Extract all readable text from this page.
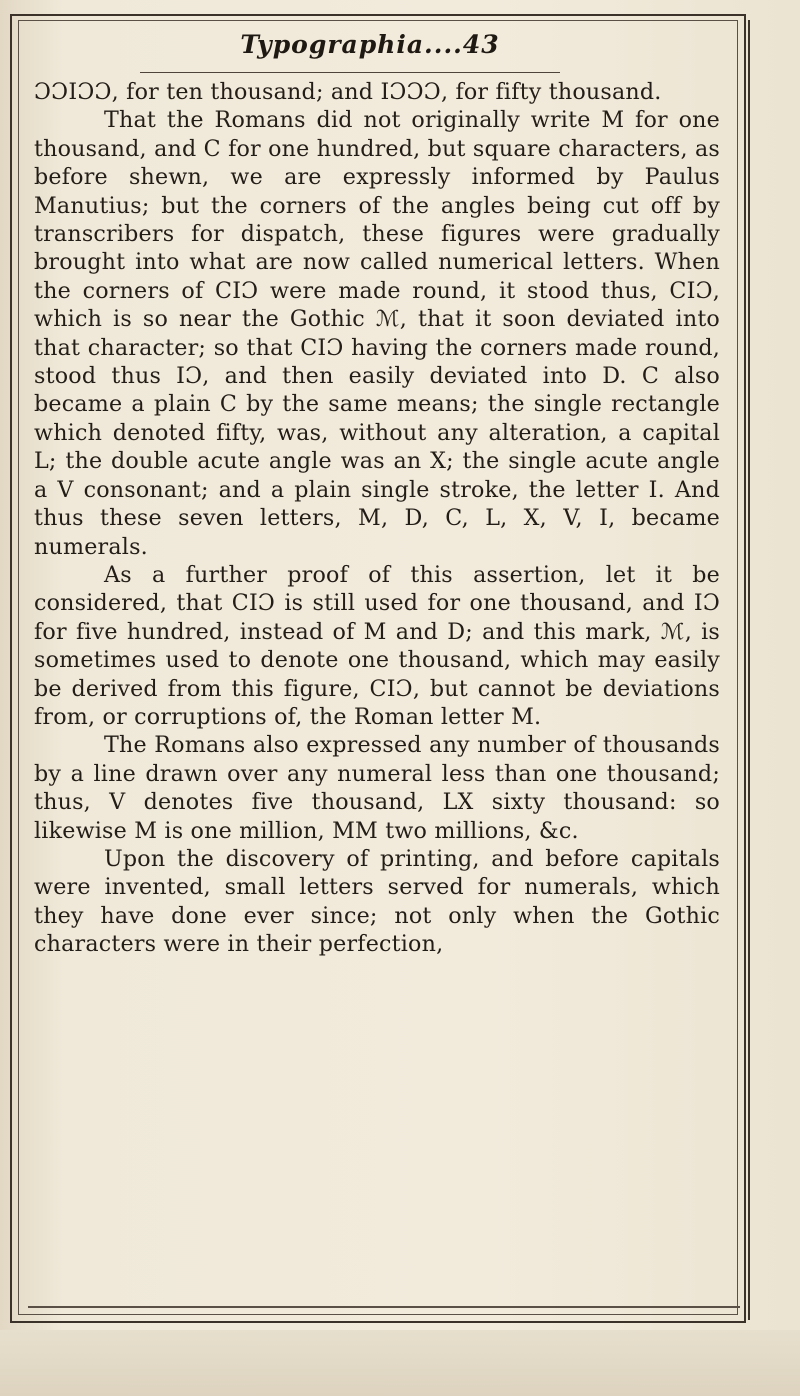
Typographia....43

ƆƆIƆƆ, for ten thousand; and IƆƆƆ, for fifty thousand.

That the Romans did not originally write M for one thousand, and C for one hundred, but square characters, as before shewn, we are expressly informed by Paulus Manutius; but the corners of the angles being cut off by transcribers for dispatch, these figures were gradually brought into what are now called numerical letters. When the corners of CIƆ were made round, it stood thus, CIƆ, which is so near the Gothic ℳ, that it soon deviated into that character; so that CIƆ having the corners made round, stood thus IƆ, and then easily deviated into D. C also became a plain C by the same means; the single rectangle which denoted fifty, was, without any alteration, a capital L; the double acute angle was an X; the single acute angle a V consonant; and a plain single stroke, the letter I. And thus these seven letters, M, D, C, L, X, V, I, became numerals.

As a further proof of this assertion, let it be considered, that CIƆ is still used for one thousand, and IƆ for five hundred, instead of M and D; and this mark, ℳ, is sometimes used to denote one thousand, which may easily be derived from this figure, CIƆ, but cannot be deviations from, or corruptions of, the Roman letter M.

The Romans also expressed any number of thousands by a line drawn over any numeral less than one thousand; thus, V denotes five thousand, LX sixty thousand: so likewise M is one million, MM two millions, &c.

Upon the discovery of printing, and before capitals were invented, small letters served for numerals, which they have done ever since; not only when the Gothic characters were in their perfection,
